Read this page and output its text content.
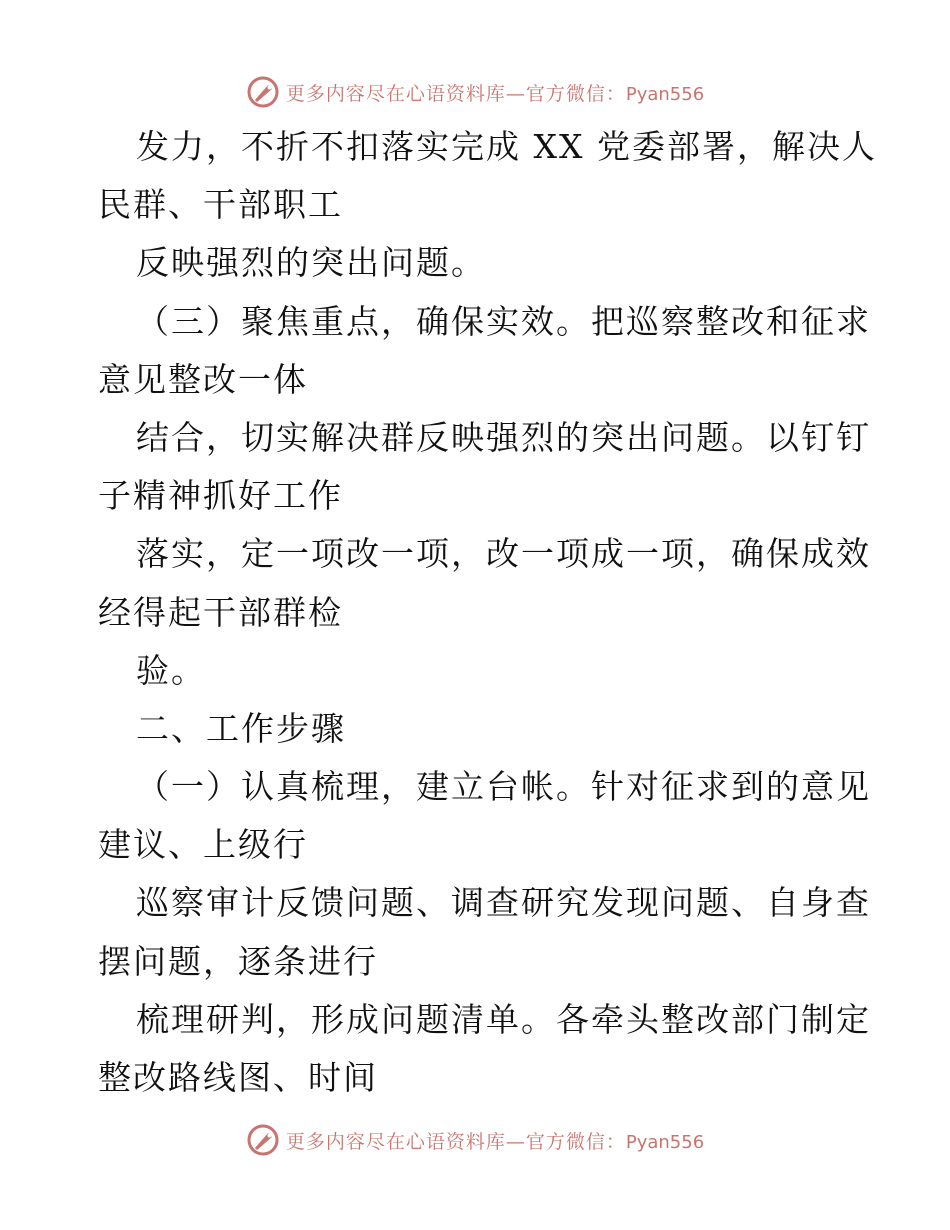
更多内容尽在心语资料库—官方微信：Pyan556
发力，不折不扣落实完成 XX 党委部署，解决人
民群、干部职工
反映强烈的突出问题。
（三）聚焦重点，确保实效。把巡察整改和征求
意见整改一体
结合，切实解决群反映强烈的突出问题。以钉钉
子精神抓好工作
落实，定一项改一项，改一项成一项，确保成效
经得起干部群检
验。
二、工作步骤
（一）认真梳理，建立台帐。针对征求到的意见
建议、上级行
巡察审计反馈问题、调查研究发现问题、自身查
摆问题，逐条进行
梳理研判，形成问题清单。各牵头整改部门制定
整改路线图、时间
更多内容尽在心语资料库—官方微信：Pyan556
